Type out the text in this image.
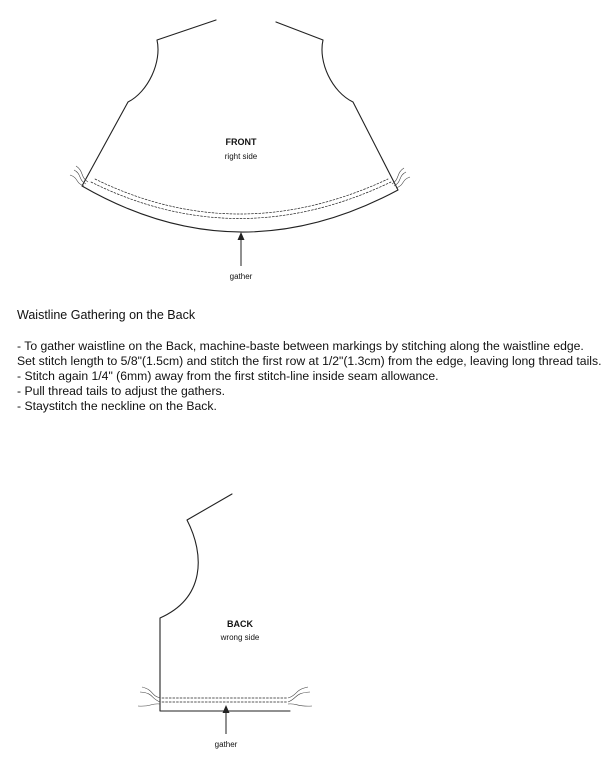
FRONT
right side
gather
Waistline Gathering on the Back
- To gather waistline on the Back, machine-baste between markings by stitching along the waistline edge. Set stitch length to 5/8"(1.5cm) and stitch the first row at 1/2"(1.3cm) from the edge, leaving long thread tails.
- Stitch again 1/4" (6mm) away from the first stitch-line inside seam allowance.
- Pull thread tails to adjust the gathers.
- Staystitch the neckline on the Back.
BACK
wrong side
gather
